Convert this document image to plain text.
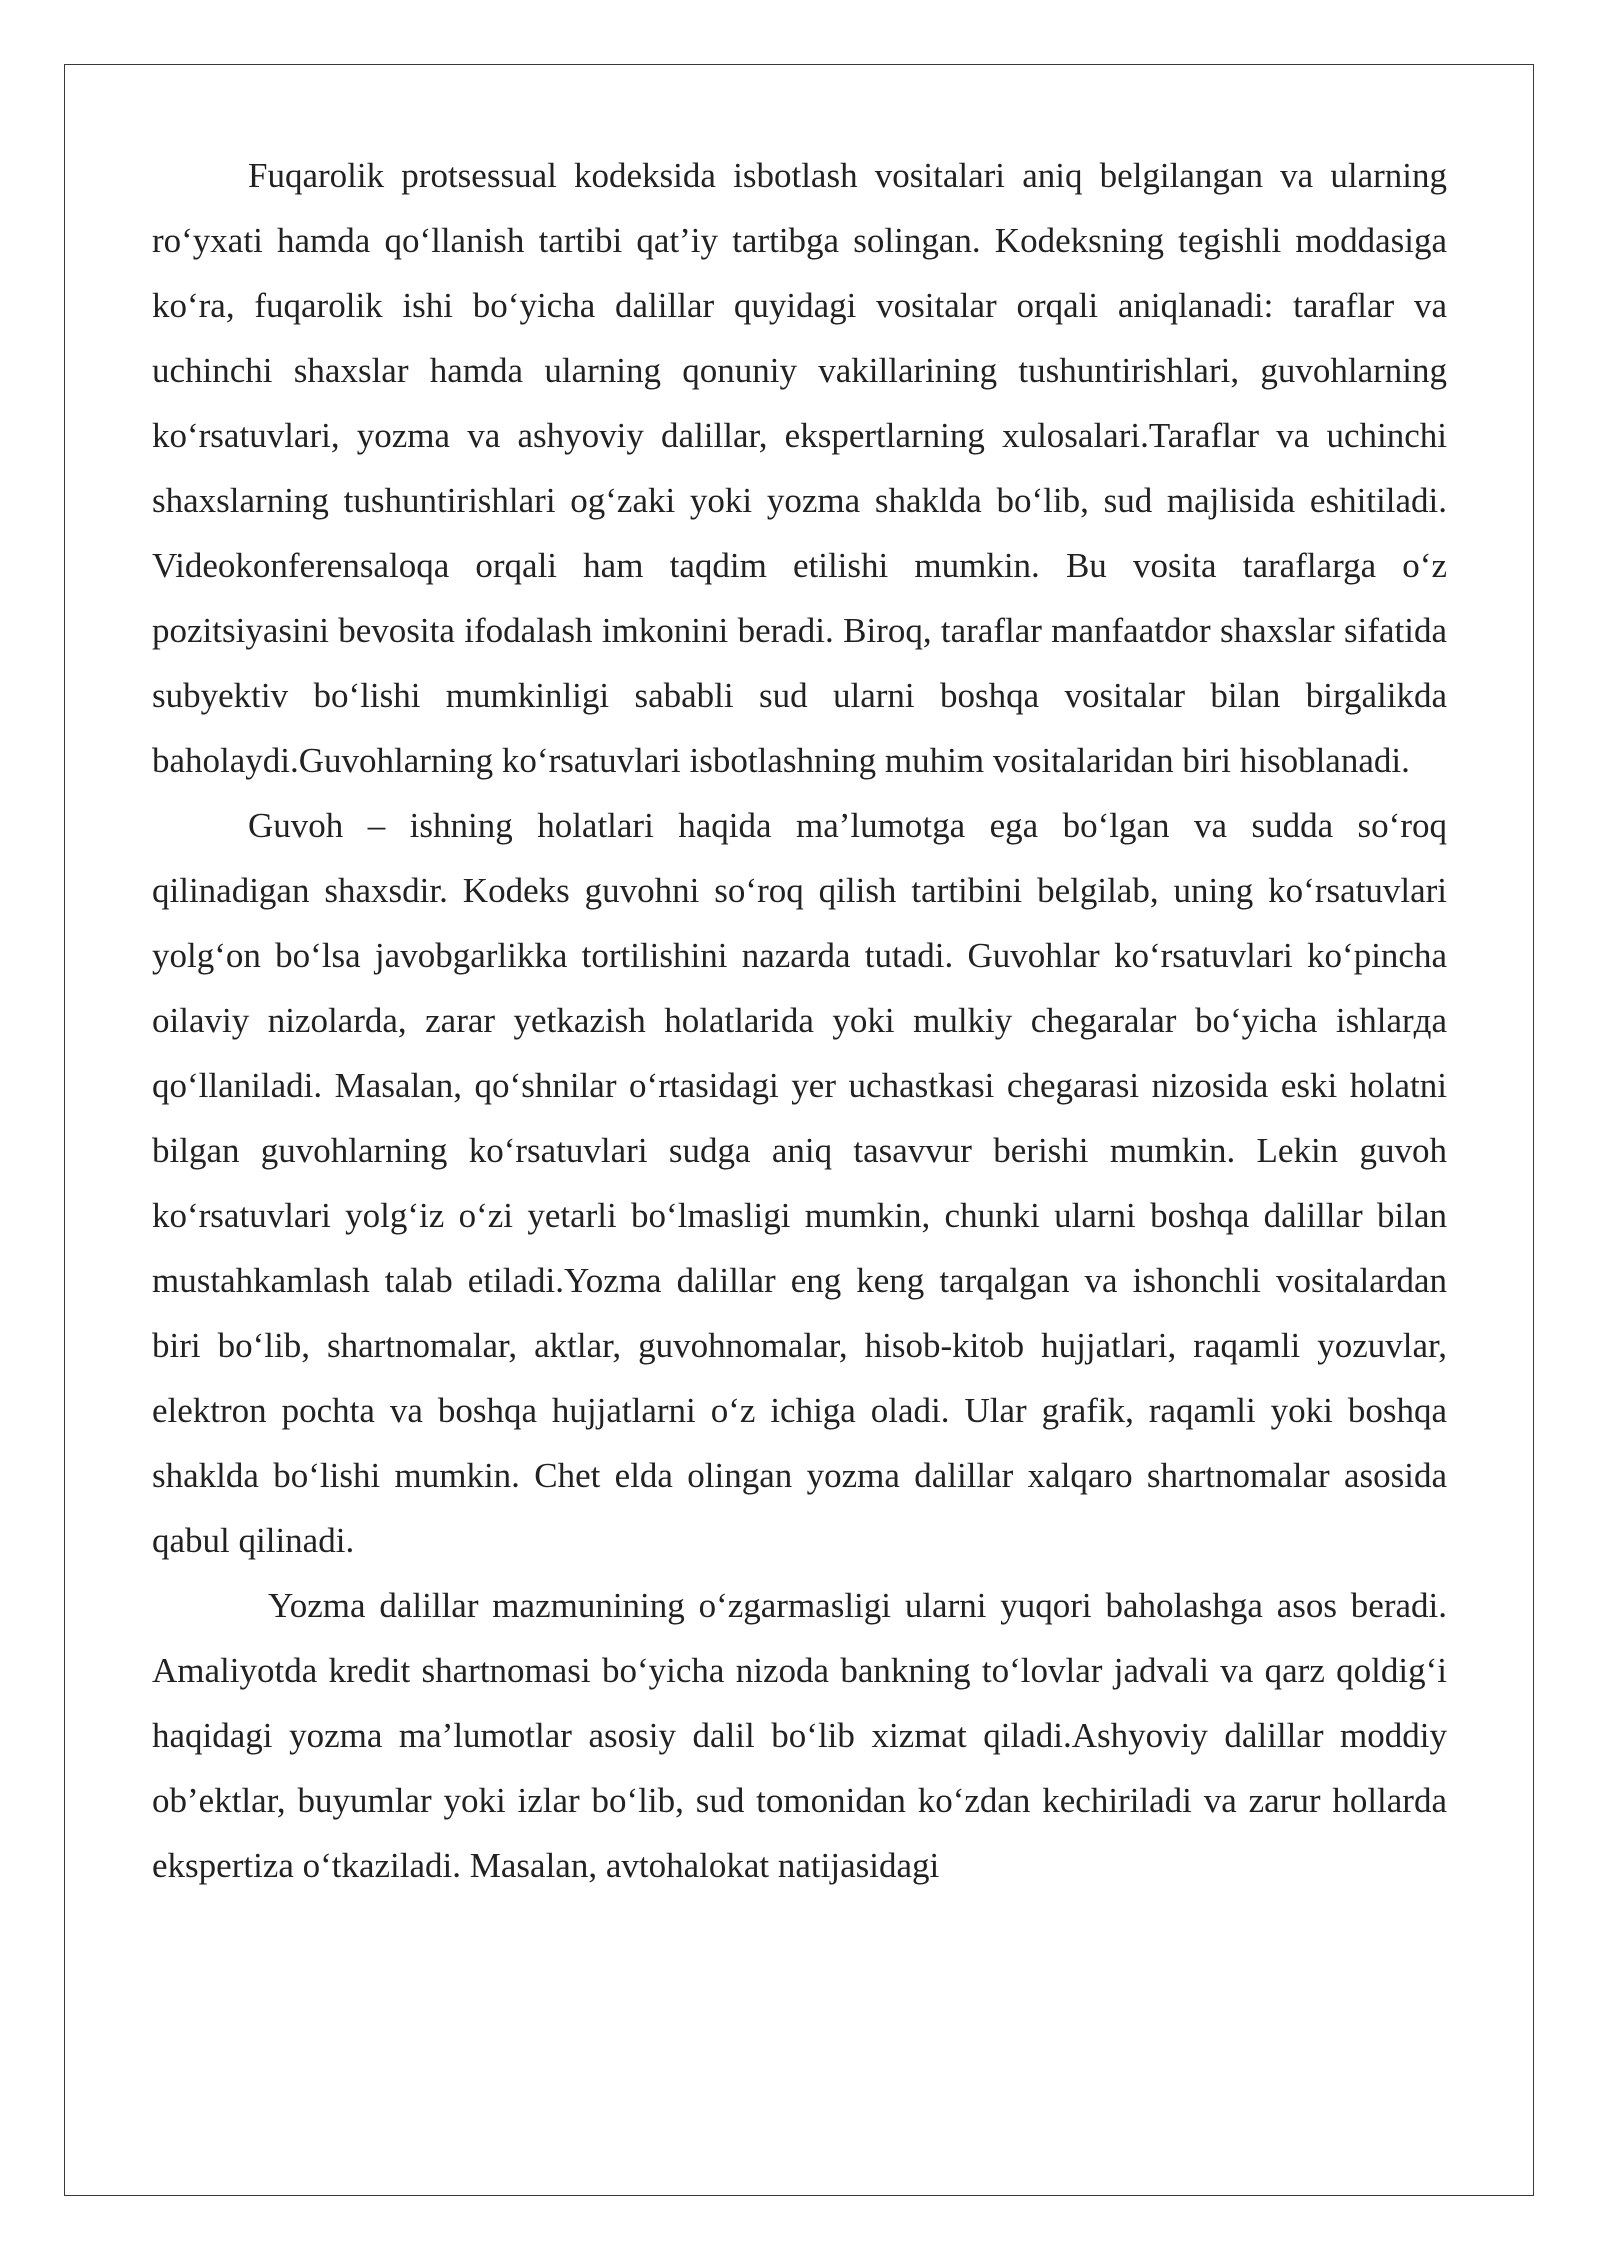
Fuqarolik protsessual kodeksida isbotlash vositalari aniq belgilangan va ularning ro‘yxati hamda qo‘llanish tartibi qat’iy tartibga solingan. Kodeksning tegishli moddasiga ko‘ra, fuqarolik ishi bo‘yicha dalillar quyidagi vositalar orqali aniqlanadi: taraflar va uchinchi shaxslar hamda ularning qonuniy vakillarining tushuntirishlari, guvohlarning ko‘rsatuvlari, yozma va ashyoviy dalillar, ekspertlarning xulosalari.Taraflar va uchinchi shaxslarning tushuntirishlari og‘zaki yoki yozma shaklda bo‘lib, sud majlisida eshitiladi. Videokonferensaloqa orqali ham taqdim etilishi mumkin. Bu vosita taraflarga o‘z pozitsiyasini bevosita ifodalash imkonini beradi. Biroq, taraflar manfaatdor shaxslar sifatida subyektiv bo‘lishi mumkinligi sababli sud ularni boshqa vositalar bilan birgalikda baholaydi.Guvohlarning ko‘rsatuvlari isbotlashning muhim vositalaridan biri hisoblanadi.

Guvoh – ishning holatlari haqida ma’lumotga ega bo‘lgan va sudda so‘roq qilinadigan shaxsdir. Kodeks guvohni so‘roq qilish tartibini belgilab, uning ko‘rsatuvlari yolg‘on bo‘lsa javobgarlikka tortilishini nazarda tutadi. Guvohlar ko‘rsatuvlari ko‘pincha oilaviy nizolarda, zarar yetkazish holatlarida yoki mulkiy chegaralar bo‘yicha ishlarда qo‘llaniladi. Masalan, qo‘shnilar o‘rtasidagi yer uchastkasi chegarasi nizosida eski holatni bilgan guvohlarning ko‘rsatuvlari sudga aniq tasavvur berishi mumkin. Lekin guvoh ko‘rsatuvlari yolg‘iz o‘zi yetarli bo‘lmasligi mumkin, chunki ularni boshqa dalillar bilan mustahkamlash talab etiladi.Yozma dalillar eng keng tarqalgan va ishonchli vositalardan biri bo‘lib, shartnomalar, aktlar, guvohnomalar, hisob-kitob hujjatlari, raqamli yozuvlar, elektron pochta va boshqa hujjatlarni o‘z ichiga oladi. Ular grafik, raqamli yoki boshqa shaklda bo‘lishi mumkin. Chet elda olingan yozma dalillar xalqaro shartnomalar asosida qabul qilinadi.

Yozma dalillar mazmunining o‘zgarmasligi ularni yuqori baholashga asos beradi. Amaliyotda kredit shartnomasi bo‘yicha nizoda bankning to‘lovlar jadvali va qarz qoldig‘i haqidagi yozma ma’lumotlar asosiy dalil bo‘lib xizmat qiladi.Ashyoviy dalillar moddiy ob’ektlar, buyumlar yoki izlar bo‘lib, sud tomonidan ko‘zdan kechiriladi va zarur hollarda ekspertiza o‘tkaziladi. Masalan, avtohalokat natijasidagi
